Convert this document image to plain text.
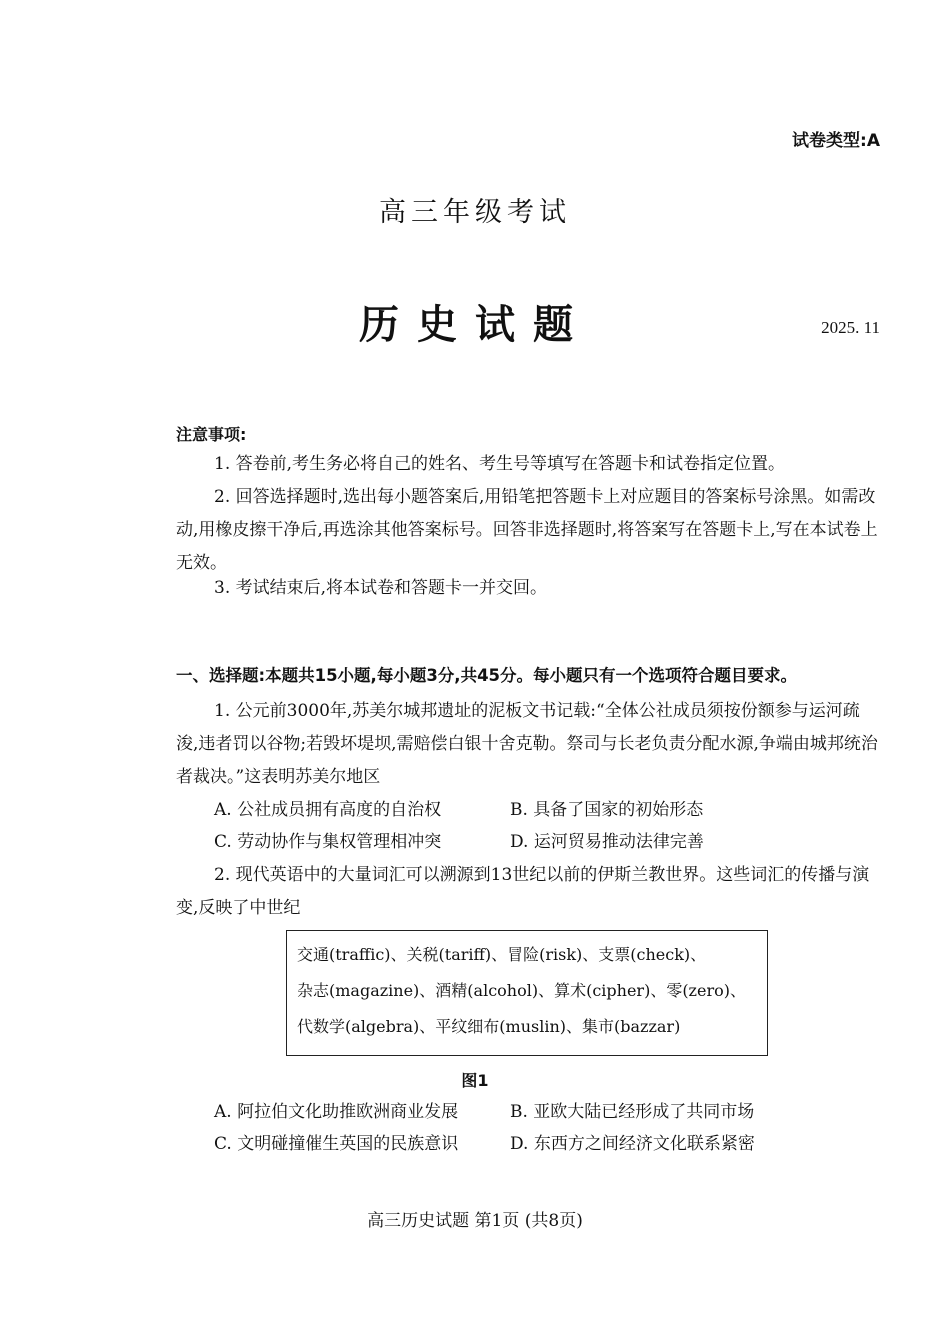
试卷类型:A
高三年级考试
历史试题	2025. 11
注意事项:
1. 答卷前,考生务必将自己的姓名、考生号等填写在答题卡和试卷指定位置。
2. 回答选择题时,选出每小题答案后,用铅笔把答题卡上对应题目的答案标号涂黑。如需改动,用橡皮擦干净后,再选涂其他答案标号。回答非选择题时,将答案写在答题卡上,写在本试卷上无效。
3. 考试结束后,将本试卷和答题卡一并交回。
一、选择题:本题共15小题,每小题3分,共45分。每小题只有一个选项符合题目要求。
1. 公元前3000年,苏美尔城邦遗址的泥板文书记载:“全体公社成员须按份额参与运河疏浚,违者罚以谷物;若毁坏堤坝,需赔偿白银十舍克勒。祭司与长老负责分配水源,争端由城邦统治者裁决。”这表明苏美尔地区
A. 公社成员拥有高度的自治权	B. 具备了国家的初始形态
C. 劳动协作与集权管理相冲突	D. 运河贸易推动法律完善
2. 现代英语中的大量词汇可以溯源到13世纪以前的伊斯兰教世界。这些词汇的传播与演变,反映了中世纪
交通(traffic)、关税(tariff)、冒险(risk)、支票(check)、
杂志(magazine)、酒精(alcohol)、算术(cipher)、零(zero)、
代数学(algebra)、平纹细布(muslin)、集市(bazzar)
图1
A. 阿拉伯文化助推欧洲商业发展	B. 亚欧大陆已经形成了共同市场
C. 文明碰撞催生英国的民族意识	D. 东西方之间经济文化联系紧密
高三历史试题 第1页 (共8页)
